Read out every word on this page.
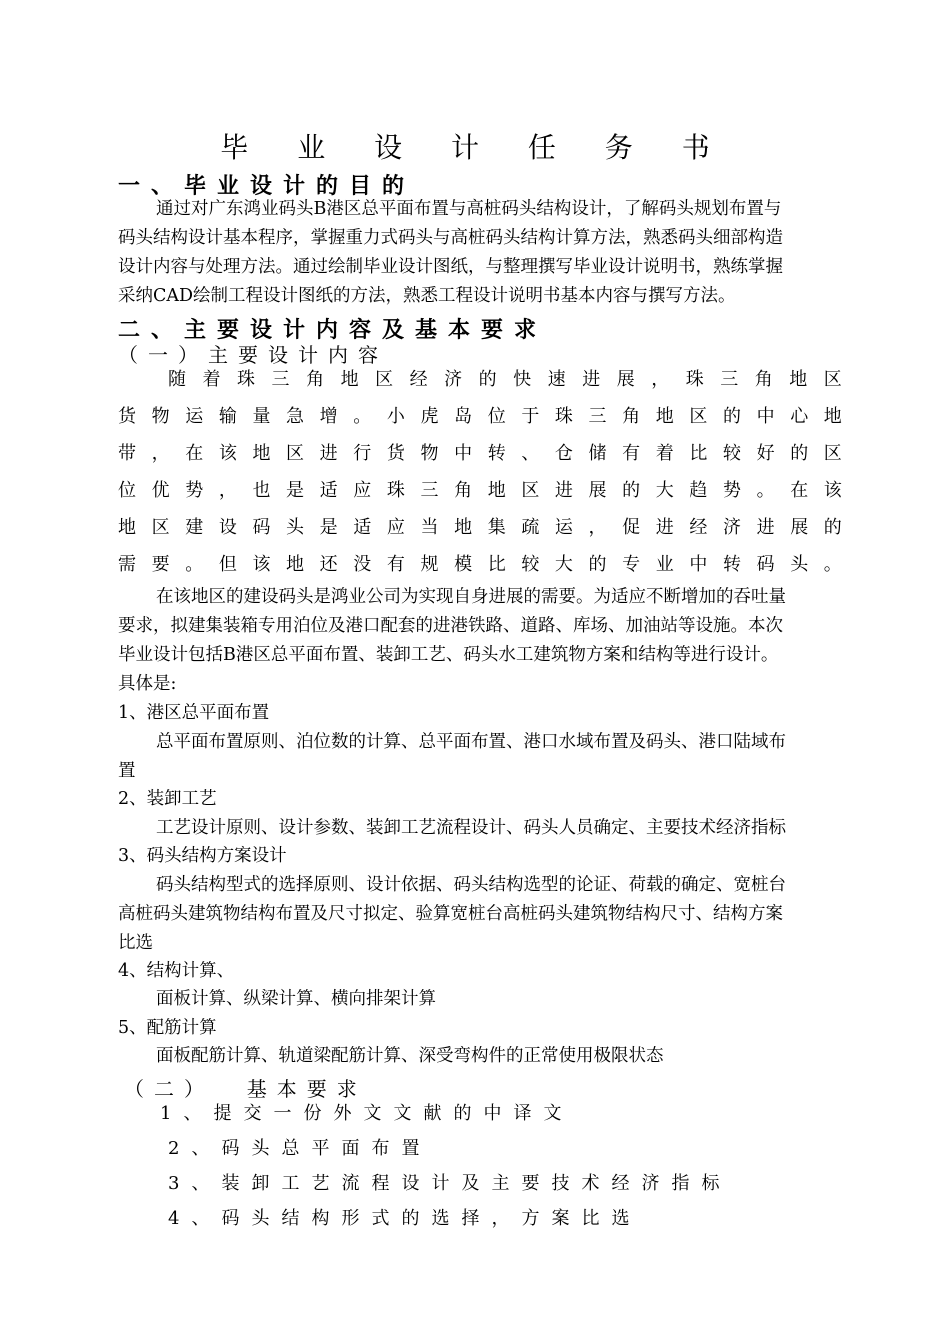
毕 业 设 计 任 务 书
一、毕业设计的目的
通过对广东鸿业码头B港区总平面布置与高桩码头结构设计，了解码头规划布置与
码头结构设计基本程序，掌握重力式码头与高桩码头结构计算方法，熟悉码头细部构造
设计内容与处理方法。通过绘制毕业设计图纸，与整理撰写毕业设计说明书，熟练掌握
采纳CAD绘制工程设计图纸的方法，熟悉工程设计说明书基本内容与撰写方法。
二、主要设计内容及基本要求
（一）主要设计内容
随 着 珠 三 角 地 区 经 济 的 快 速 进 展 ， 珠 三 角 地 区
货 物 运 输 量 急 增 。 小 虎 岛 位 于 珠 三 角 地 区 的 中 心 地
带 ， 在 该 地 区 进 行 货 物 中 转 、 仓 储 有 着 比 较 好 的 区
位 优 势 ， 也 是 适 应 珠 三 角 地 区 进 展 的 大 趋 势 。 在 该
地 区 建 设 码 头 是 适 应 当 地 集 疏 运 ， 促 进 经 济 进 展 的
需 要 。 但 该 地 还 没 有 规 模 比 较 大 的 专 业 中 转 码 头 。
在该地区的建设码头是鸿业公司为实现自身进展的需要。为适应不断增加的吞吐量
要求，拟建集装箱专用泊位及港口配套的进港铁路、道路、库场、加油站等设施。本次
毕业设计包括B港区总平面布置、装卸工艺、码头水工建筑物方案和结构等进行设计。
具体是:
1、港区总平面布置
总平面布置原则、泊位数的计算、总平面布置、港口水域布置及码头、港口陆域布
置
2、装卸工艺
工艺设计原则、设计参数、装卸工艺流程设计、码头人员确定、主要技术经济指标
3、码头结构方案设计
码头结构型式的选择原则、设计依据、码头结构选型的论证、荷载的确定、宽桩台
高桩码头建筑物结构布置及尺寸拟定、验算宽桩台高桩码头建筑物结构尺寸、结构方案
比选
4、结构计算、
面板计算、纵梁计算、横向排架计算
5、配筋计算
面板配筋计算、轨道梁配筋计算、深受弯构件的正常使用极限状态
（二）  基本要求
1、提交一份外文文献的中译文
2、码头总平面布置
3、装卸工艺流程设计及主要技术经济指标
4、码头结构形式的选择，方案比选
